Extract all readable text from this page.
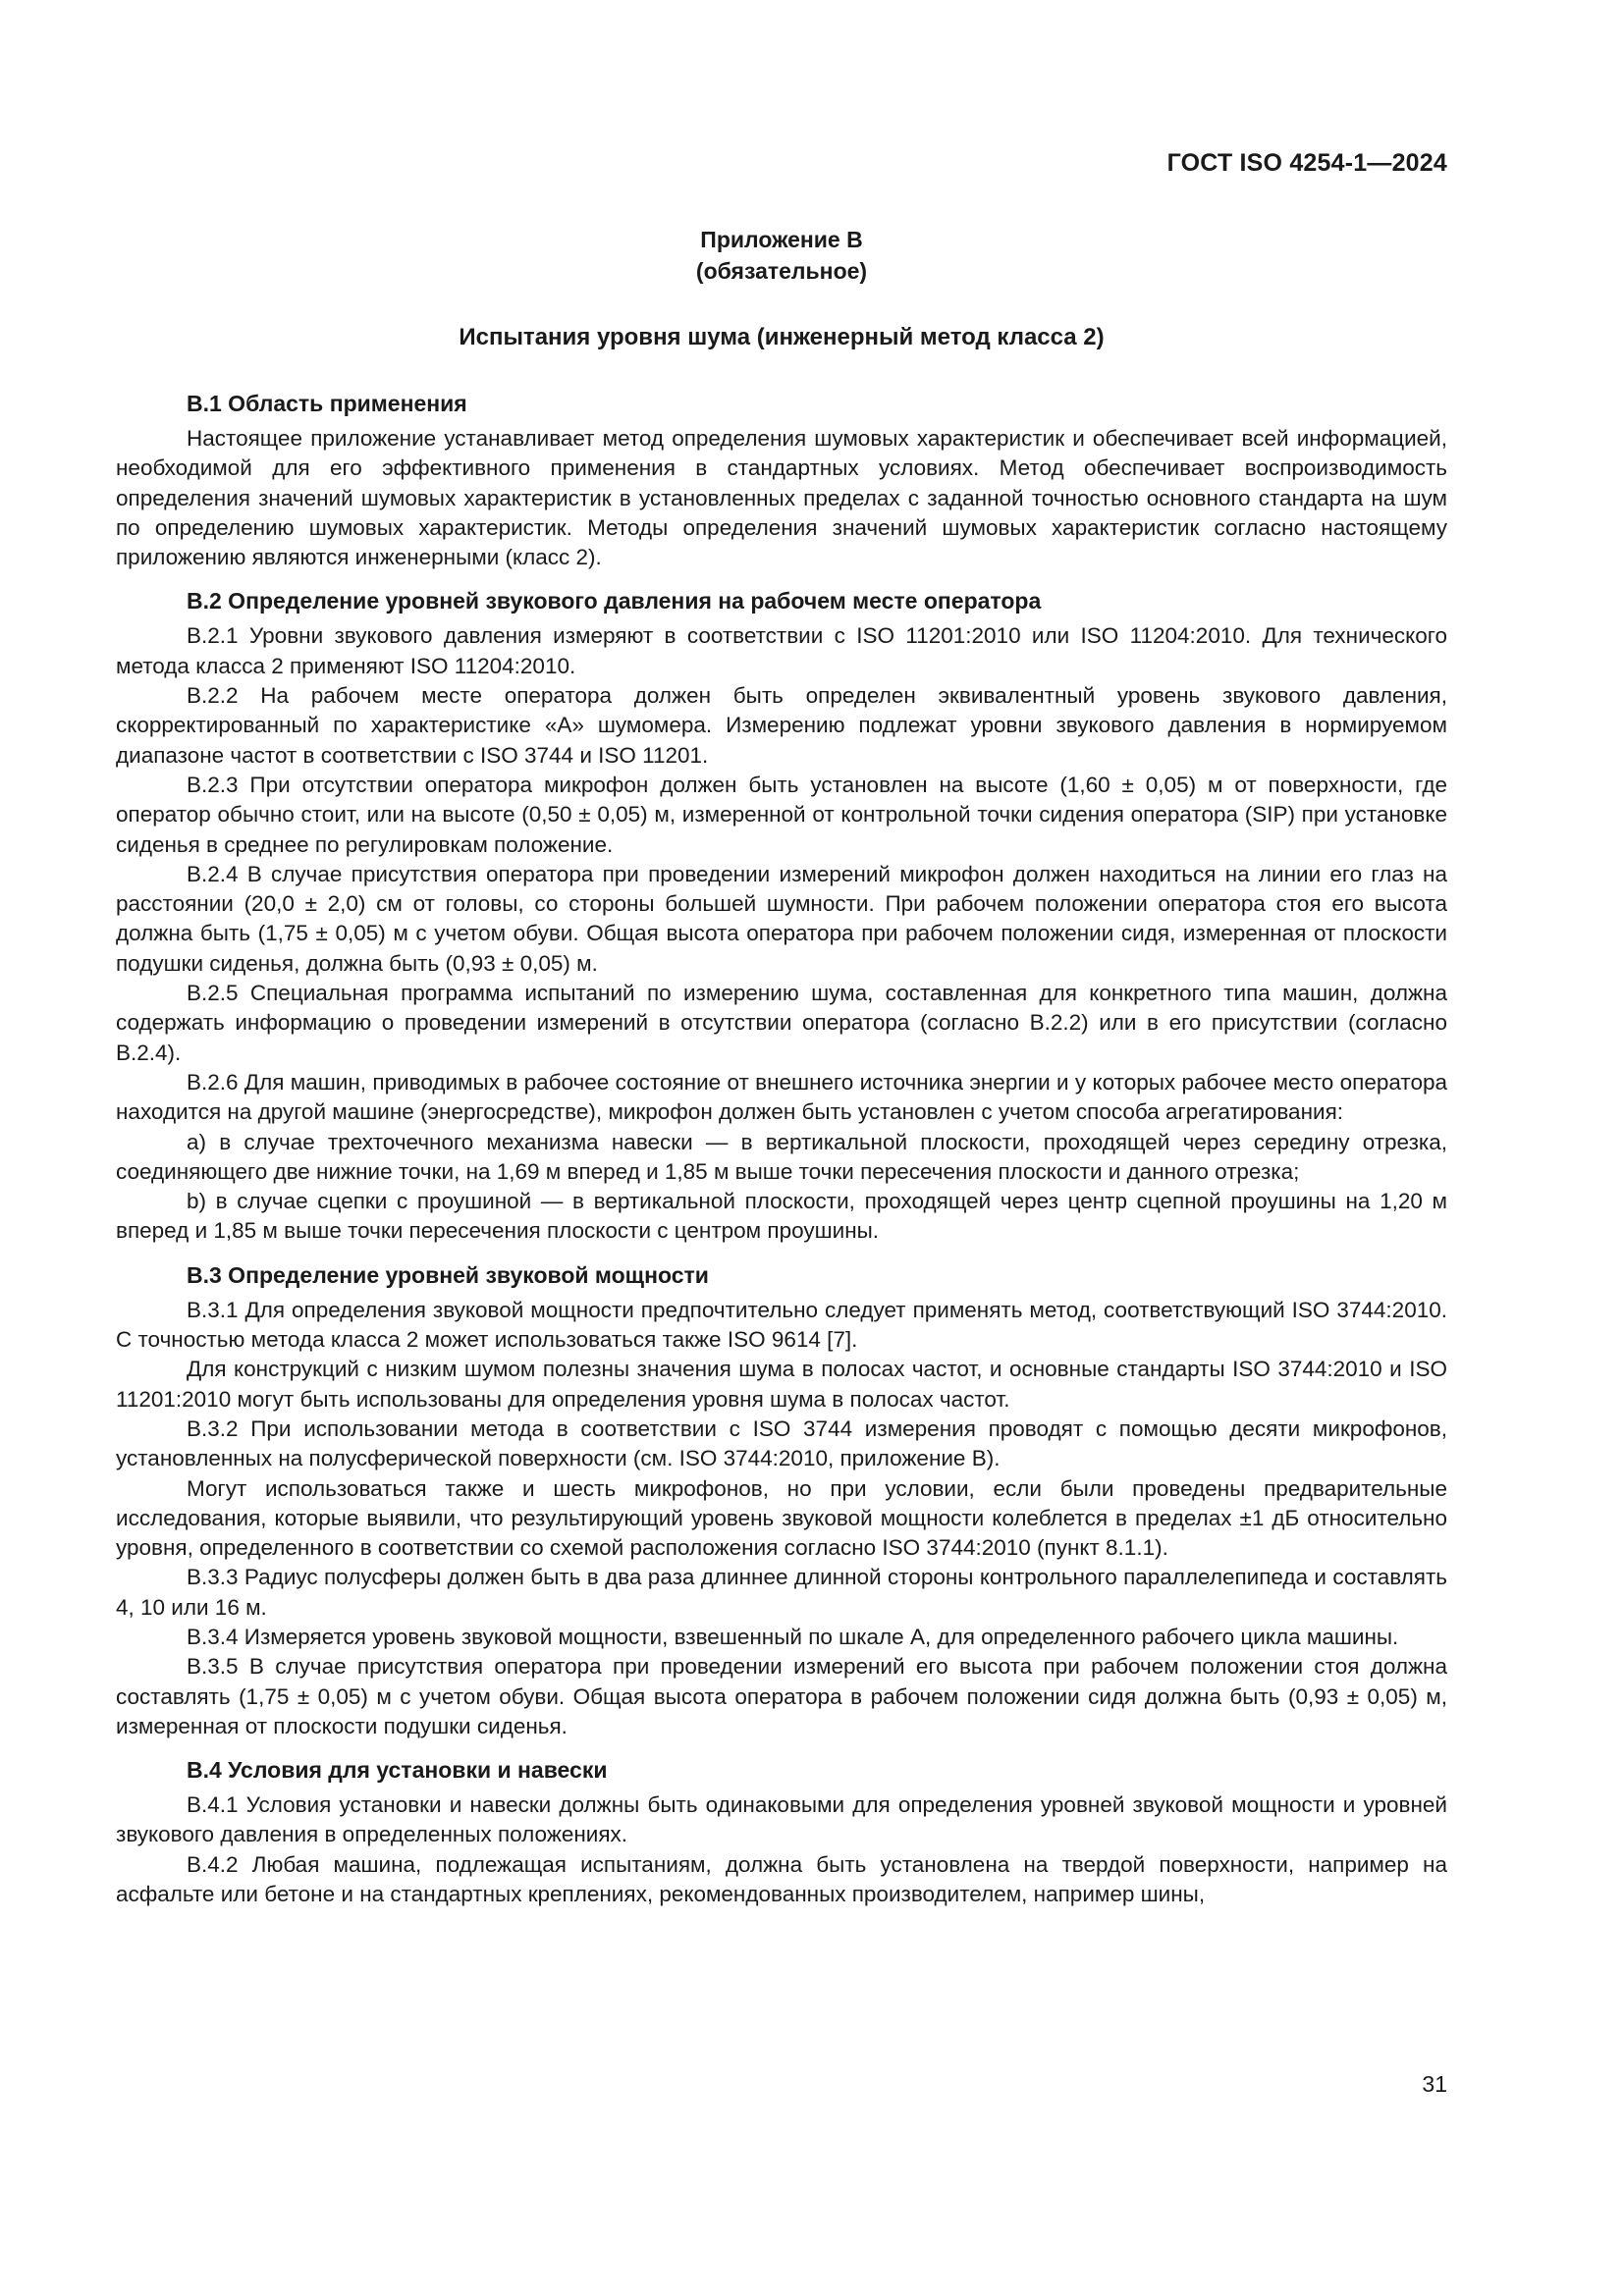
ГОСТ ISO 4254-1—2024
Приложение В
(обязательное)
Испытания уровня шума (инженерный метод класса 2)
В.1 Область применения

Настоящее приложение устанавливает метод определения шумовых характеристик и обеспечивает всей информацией, необходимой для его эффективного применения в стандартных условиях. Метод обеспечивает воспроизводимость определения значений шумовых характеристик в установленных пределах с заданной точностью основного стандарта на шум по определению шумовых характеристик. Методы определения значений шумовых характеристик согласно настоящему приложению являются инженерными (класс 2).

В.2 Определение уровней звукового давления на рабочем месте оператора

В.2.1 Уровни звукового давления измеряют в соответствии с ISO 11201:2010 или ISO 11204:2010. Для технического метода класса 2 применяют ISO 11204:2010.

В.2.2 На рабочем месте оператора должен быть определен эквивалентный уровень звукового давления, скорректированный по характеристике «А» шумомера. Измерению подлежат уровни звукового давления в нормируемом диапазоне частот в соответствии с ISO 3744 и ISO 11201.

В.2.3 При отсутствии оператора микрофон должен быть установлен на высоте (1,60 ± 0,05) м от поверхности, где оператор обычно стоит, или на высоте (0,50 ± 0,05) м, измеренной от контрольной точки сидения оператора (SIP) при установке сиденья в среднее по регулировкам положение.

В.2.4 В случае присутствия оператора при проведении измерений микрофон должен находиться на линии его глаз на расстоянии (20,0 ± 2,0) см от головы, со стороны большей шумности. При рабочем положении оператора стоя его высота должна быть (1,75 ± 0,05) м с учетом обуви. Общая высота оператора при рабочем положении сидя, измеренная от плоскости подушки сиденья, должна быть (0,93 ± 0,05) м.

В.2.5 Специальная программа испытаний по измерению шума, составленная для конкретного типа машин, должна содержать информацию о проведении измерений в отсутствии оператора (согласно В.2.2) или в его присутствии (согласно В.2.4).

В.2.6 Для машин, приводимых в рабочее состояние от внешнего источника энергии и у которых рабочее место оператора находится на другой машине (энергосредстве), микрофон должен быть установлен с учетом способа агрегатирования:

а) в случае трехточечного механизма навески — в вертикальной плоскости, проходящей через середину отрезка, соединяющего две нижние точки, на 1,69 м вперед и 1,85 м выше точки пересечения плоскости и данного отрезка;

b) в случае сцепки с проушиной — в вертикальной плоскости, проходящей через центр сцепной проушины на 1,20 м вперед и 1,85 м выше точки пересечения плоскости с центром проушины.

В.3 Определение уровней звуковой мощности

В.3.1 Для определения звуковой мощности предпочтительно следует применять метод, соответствующий ISO 3744:2010. С точностью метода класса 2 может использоваться также ISO 9614 [7].

Для конструкций с низким шумом полезны значения шума в полосах частот, и основные стандарты ISO 3744:2010 и ISO 11201:2010 могут быть использованы для определения уровня шума в полосах частот.

В.3.2 При использовании метода в соответствии с ISO 3744 измерения проводят с помощью десяти микрофонов, установленных на полусферической поверхности (см. ISO 3744:2010, приложение В).

Могут использоваться также и шесть микрофонов, но при условии, если были проведены предварительные исследования, которые выявили, что результирующий уровень звуковой мощности колеблется в пределах ±1 дБ относительно уровня, определенного в соответствии со схемой расположения согласно ISO 3744:2010 (пункт 8.1.1).

В.3.3 Радиус полусферы должен быть в два раза длиннее длинной стороны контрольного параллелепипеда и составлять 4, 10 или 16 м.

В.3.4 Измеряется уровень звуковой мощности, взвешенный по шкале А, для определенного рабочего цикла машины.

В.3.5 В случае присутствия оператора при проведении измерений его высота при рабочем положении стоя должна составлять (1,75 ± 0,05) м с учетом обуви. Общая высота оператора в рабочем положении сидя должна быть (0,93 ± 0,05) м, измеренная от плоскости подушки сиденья.

В.4 Условия для установки и навески

В.4.1 Условия установки и навески должны быть одинаковыми для определения уровней звуковой мощности и уровней звукового давления в определенных положениях.

В.4.2 Любая машина, подлежащая испытаниям, должна быть установлена на твердой поверхности, например на асфальте или бетоне и на стандартных креплениях, рекомендованных производителем, например шины,

31
